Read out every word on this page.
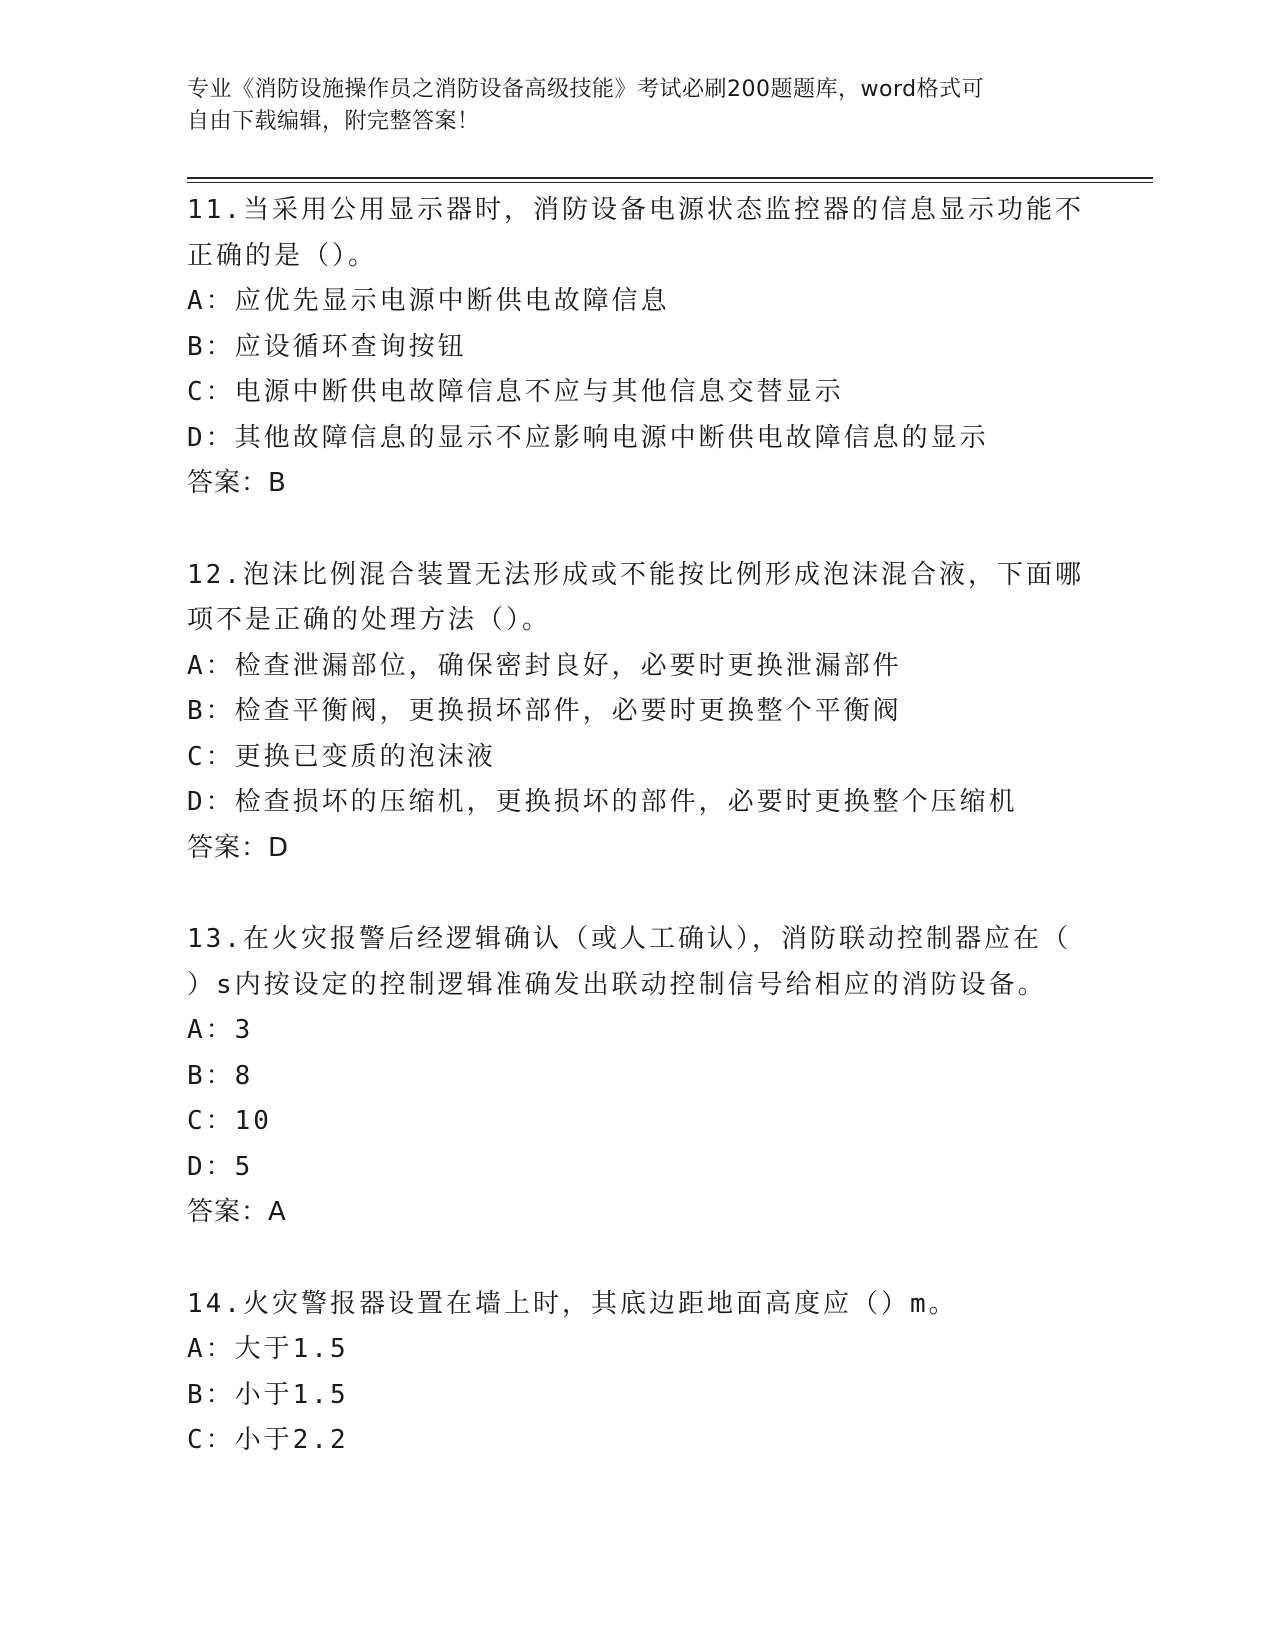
专业《消防设施操作员之消防设备高级技能》考试必刷200题题库，word格式可
自由下载编辑，附完整答案！
11.当采用公用显示器时，消防设备电源状态监控器的信息显示功能不
正确的是（）。
A：应优先显示电源中断供电故障信息
B：应设循环查询按钮
C：电源中断供电故障信息不应与其他信息交替显示
D：其他故障信息的显示不应影响电源中断供电故障信息的显示
答案：B
12.泡沫比例混合装置无法形成或不能按比例形成泡沫混合液，下面哪
项不是正确的处理方法（）。
A：检查泄漏部位，确保密封良好，必要时更换泄漏部件
B：检查平衡阀，更换损坏部件，必要时更换整个平衡阀
C：更换已变质的泡沫液
D：检查损坏的压缩机，更换损坏的部件，必要时更换整个压缩机
答案：D
13.在火灾报警后经逻辑确认（或人工确认），消防联动控制器应在（
）s内按设定的控制逻辑准确发出联动控制信号给相应的消防设备。
A：3
B：8
C：10
D：5
答案：A
14.火灾警报器设置在墙上时，其底边距地面高度应（）m。
A：大于1.5
B：小于1.5
C：小于2.2
